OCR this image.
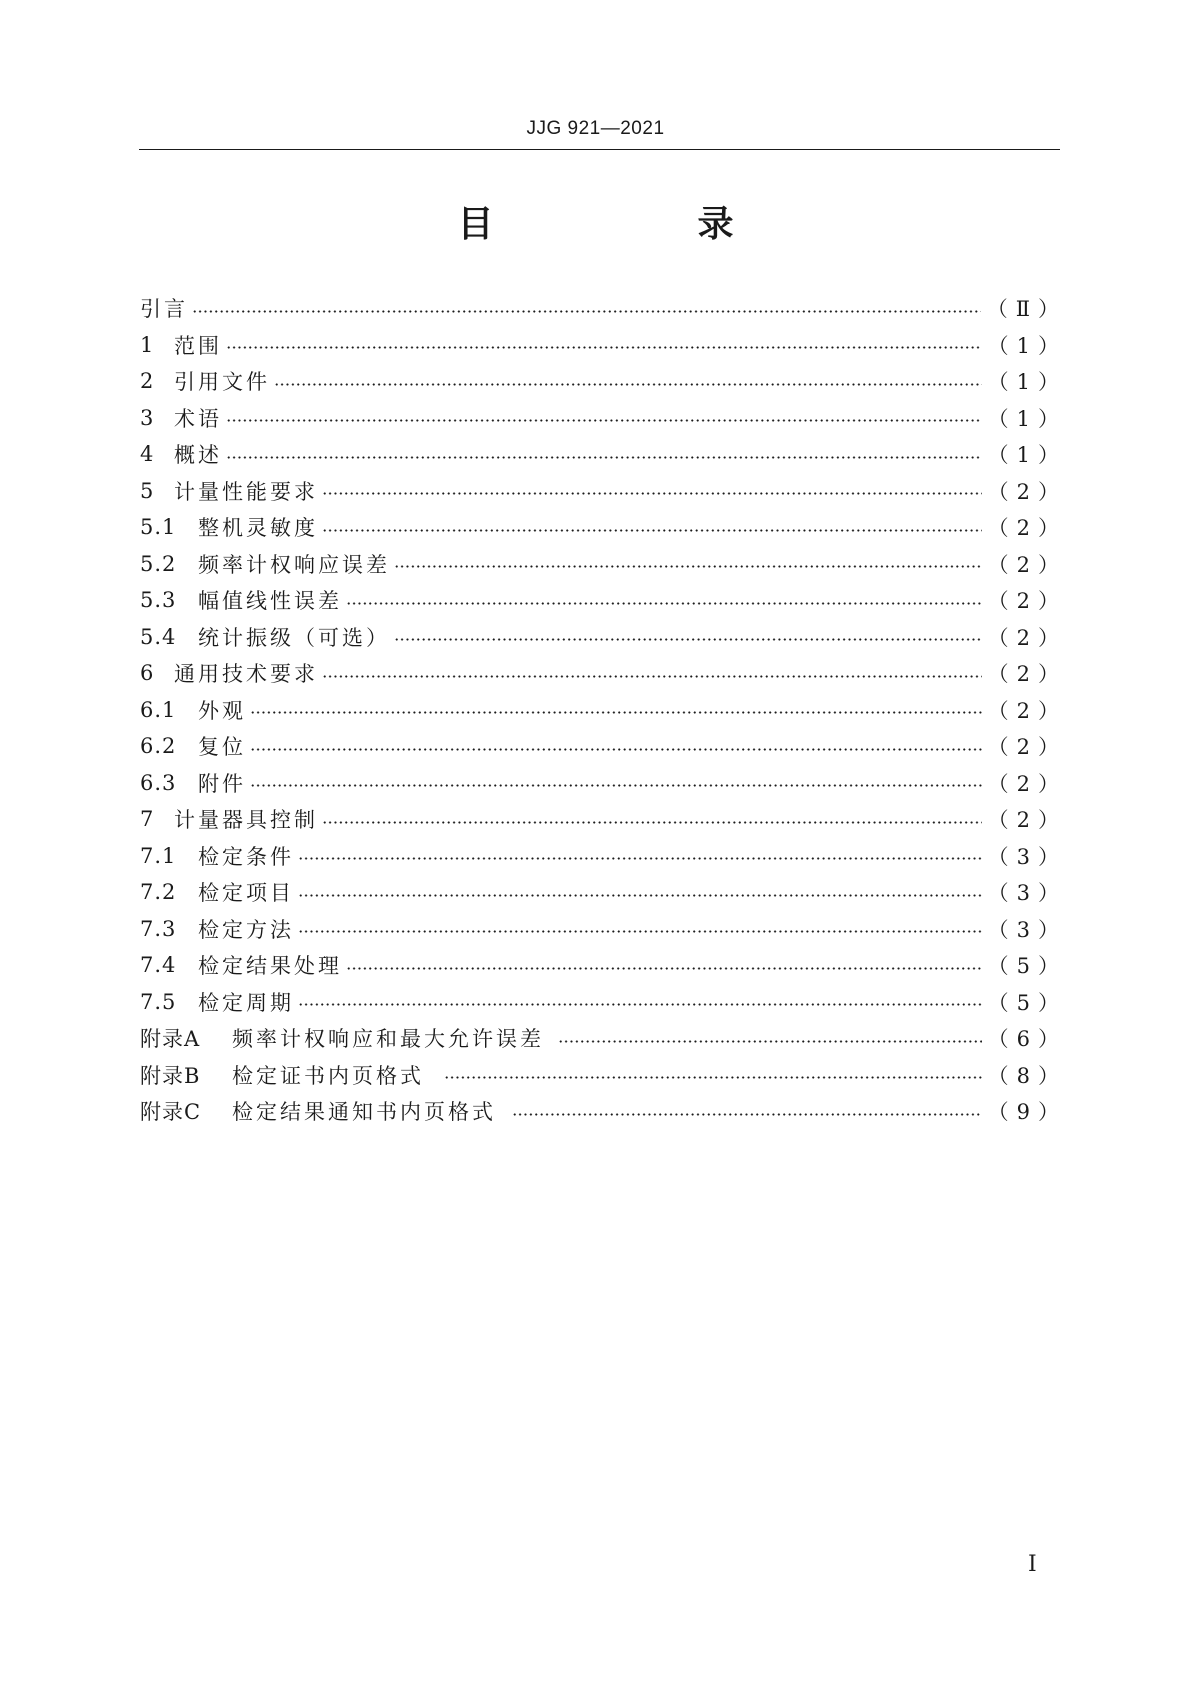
JJG 921—2021
目　录
引言	（Ⅱ）
1 范围	（1）
2 引用文件	（1）
3 术语	（1）
4 概述	（1）
5 计量性能要求	（2）
5.1	整机灵敏度	（2）
5.2	频率计权响应误差	（2）
5.3	幅值线性误差	（2）
5.4	统计振级（可选）	（2）
6 通用技术要求	（2）
6.1	外观	（2）
6.2	复位	（2）
6.3	附件	（2）
7 计量器具控制	（2）
7.1	检定条件	（3）
7.2	检定项目	（3）
7.3	检定方法	（3）
7.4	检定结果处理	（5）
7.5	检定周期	（5）
附录A	频率计权响应和最大允许误差	（6）
附录B	检定证书内页格式	（8）
附录C	检定结果通知书内页格式	（9）
Ⅰ
